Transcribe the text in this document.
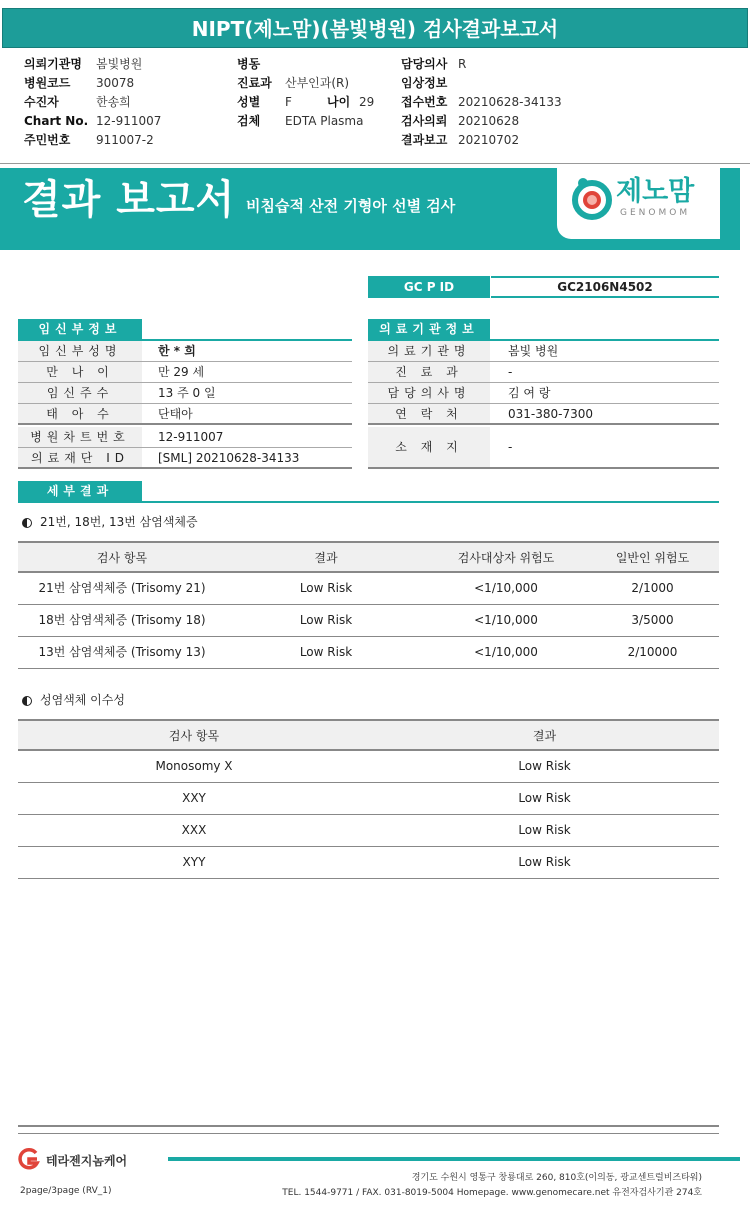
NIPT(제노맘)(봄빛병원) 검사결과보고서
의뢰기관명 봄빛병원
병원코드 30078
수진자	한송희
Chart No. 12-911007
주민번호 911007-2
병동
진료과 산부인과(R)
성별 F	나이 29
검체 EDTA Plasma
담당의사 R
임상정보
접수번호 20210628-34133
검사의뢰 20210628
결과보고 20210702
결과 보고서 비침습적 산전 기형아 선별 검사	제노맘
GENOMOM
GC P ID	GC2106N4502
임신부정보
임신부성명	한 * 희
만 나 이	만 29 세
임신주수	13 주 0 일
태 아 수	단태아
병원차트번호	12-911007
의료재단 ID	[SML] 20210628-34133
의료기관정보
의료기관명	봄빛 병원
진 료 과	-
담당의사명	김 여 랑
연 락 처	031-380-7300
소 재 지	-
세부결과
21번, 18번, 13번 삼염색체증
검사 항목	결과	검사대상자 위험도	일반인 위험도
21번 삼염색체증 (Trisomy 21)	Low Risk	<1/10,000	2/1000
18번 삼염색체증 (Trisomy 18)	Low Risk	<1/10,000	3/5000
13번 삼염색체증 (Trisomy 13)	Low Risk	<1/10,000	2/10000
성염색체 이수성
검사 항목	결과
Monosomy X	Low Risk
XXY	Low Risk
XXX	Low Risk
XYY	Low Risk
테라젠지놈케어
경기도 수원시 영통구 창룡대로 260, 810호(이의동, 광교센트럴비즈타워)
TEL. 1544-9771 / FAX. 031-8019-5004 Homepage. www.genomecare.net 유전자검사기관 274호
2page/3page (RV_1)
